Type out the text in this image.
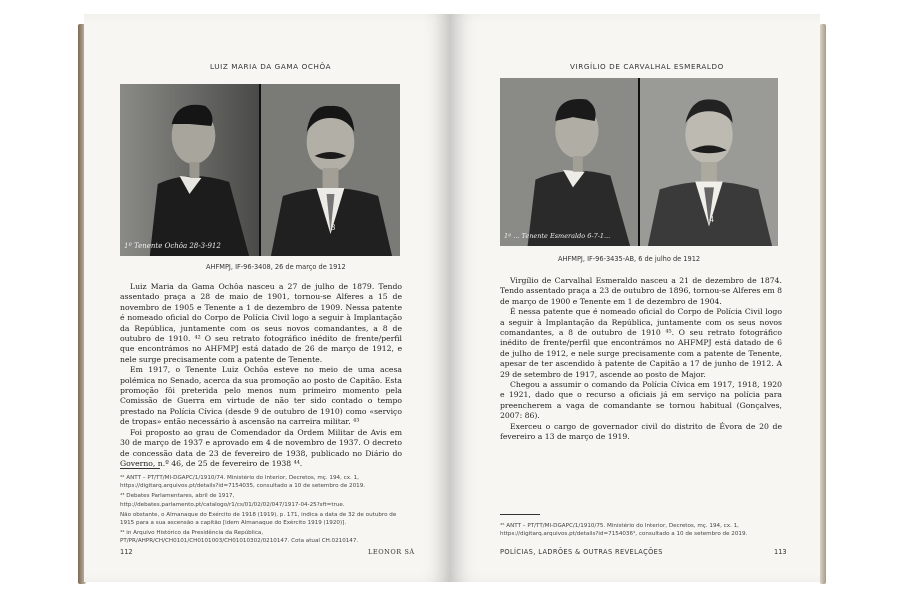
LUIZ MARIA DA GAMA OCHÔA
1º Tenente Ochôa 28-3-912
3
AHFMPJ, IF-96-3408, 26 de março de 1912

Luiz Maria da Gama Ochôa nasceu a 27 de julho de 1879. Tendo assentado praça a 28 de maio de 1901, tornou-se Alferes a 15 de novembro de 1905 e Tenente a 1 de dezembro de 1909. Nessa patente é nomeado oficial do Corpo de Polícia Civil logo a seguir à Implantação da República, juntamente com os seus novos comandantes, a 8 de outubro de 1910. ⁴² O seu retrato fotográfico inédito de frente/perfil que encontrámos no AHFMPJ está datado de 26 de março de 1912, e nele surge precisamente com a patente de Tenente.

Em 1917, o Tenente Luiz Ochôa esteve no meio de uma acesa polémica no Senado, acerca da sua promoção ao posto de Capitão. Esta promoção fôi preterida pelo menos num primeiro momento pela Comissão de Guerra em virtude de não ter sido contado o tempo prestado na Polícia Cívica (desde 9 de outubro de 1910) como «serviço de tropas» então necessário à ascensão na carreira militar. ⁴³

Foi proposto ao grau de Comendador da Ordem Militar de Avis em 30 de março de 1937 e aprovado em 4 de novembro de 1937. O decreto de concessão data de 23 de fevereiro de 1938, publicado no Diário do Governo, n.º 46, de 25 de fevereiro de 1938 ⁴⁴.

⁴² ANTT – PT/TT/MI-DGAPC/1/1910/74. Ministério do Interior, Decretos, mç. 194, cx. 1, https://digitarq.arquivos.pt/details?id=7154035, consultado a 10 de setembro de 2019.

⁴³ Debates Parlamentares, abril de 1917, http://debates.parlamento.pt/catalogo/r1/cs/01/02/02/047/1917-04-25?sft=true.

Não obstante, o Almanaque do Exército de 1918 (1919), p. 171, indica a data de 32 de outubro de 1915 para a sua ascensão a capitão [idem Almanaque do Exército 1919 (1920)].

⁴⁴ in Arquivo Histórico da Presidência da República, PT/PR/AHPR/CH/CH0101/CH0101003/CH01010302/0210147. Cota atual CH.0210147.

112	LEONOR SÁ
VIRGÍLIO DE CARVALHAL ESMERALDO
1º ... Tenente Esmeraldo 6-7-1...
4
AHFMPJ, IF-96-3435-AB, 6 de julho de 1912

Virgílio de Carvalhal Esmeraldo nasceu a 21 de dezembro de 1874. Tendo assentado praça a 23 de outubro de 1896, tornou-se Alferes em 8 de março de 1900 e Tenente em 1 de dezembro de 1904.

É nessa patente que é nomeado oficial do Corpo de Polícia Civil logo a seguir à Implantação da República, juntamente com os seus novos comandantes, a 8 de outubro de 1910 ⁴⁵. O seu retrato fotográfico inédito de frente/perfil que encontrámos no AHFMPJ está datado de 6 de julho de 1912, e nele surge precisamente com a patente de Tenente, apesar de ter ascendido à patente de Capitão a 17 de junho de 1912. A 29 de setembro de 1917, ascende ao posto de Major.

Chegou a assumir o comando da Polícia Cívica em 1917, 1918, 1920 e 1921, dado que o recurso a oficiais já em serviço na polícia para preencherem a vaga de comandante se tornou habitual (Gonçalves, 2007: 86).

Exerceu o cargo de governador civil do distrito de Évora de 20 de fevereiro a 13 de março de 1919.

⁴⁵ ANTT – PT/TT/MI-DGAPC/1/1910/75. Ministério do Interior, Decretos, mç. 194, cx. 1, https://digitarq.arquivos.pt/details?id=7154036⁴, consultado a 10 de setembro de 2019.

POLÍCIAS, LADRÕES & OUTRAS REVELAÇÕES	113
